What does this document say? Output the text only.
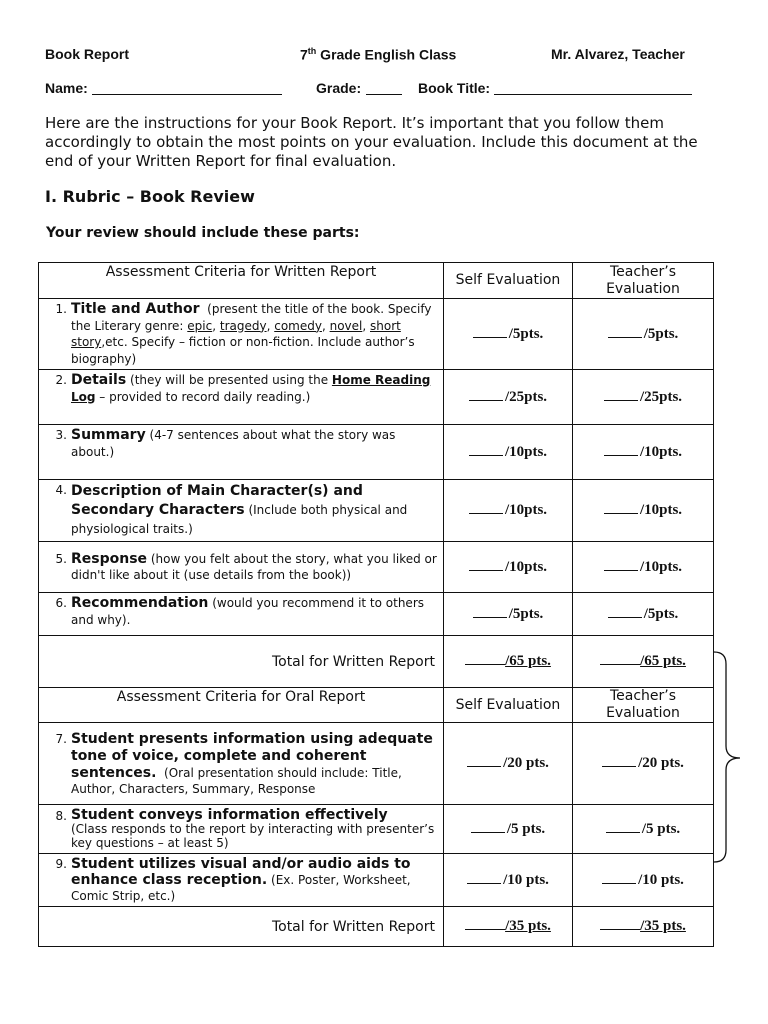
Book Report	7th Grade English Class	Mr. Alvarez, Teacher
Name:	Grade:	Book Title:
Here are the instructions for your Book Report. It’s important that you follow them accordingly to obtain the most points on your evaluation. Include this document at the end of your Written Report for final evaluation.
I. Rubric – Book Review
Your review should include these parts:
Assessment Criteria for Written Report	Self Evaluation	Teacher’s Evaluation

1. Title and Author (present the title of the book. Specify the Literary genre: epic, tragedy, comedy, novel, short story,etc. Specify – fiction or non-fiction. Include author’s biography)	/5pts.	/5pts.

2. Details (they will be presented using the Home Reading Log – provided to record daily reading.)	/25pts.	/25pts.

3. Summary (4-7 sentences about what the story was about.)	/10pts.	/10pts.

4. Description of Main Character(s) and Secondary Characters (Include both physical and physiological traits.)	/10pts.	/10pts.

5. Response (how you felt about the story, what you liked or didn't like about it (use details from the book))	/10pts.	/10pts.

6. Recommendation (would you recommend it to others and why).	/5pts.	/5pts.
Total for Written Report	/65 pts.	/65 pts.
Assessment Criteria for Oral Report	Self Evaluation	Teacher’s Evaluation

7. Student presents information using adequate tone of voice, complete and coherent sentences. (Oral presentation should include: Title, Author, Characters, Summary, Response	/20 pts.	/20 pts.

8. Student conveys information effectively
(Class responds to the report by interacting with presenter’s key questions – at least 5)	/5 pts.	/5 pts.

9. Student utilizes visual and/or audio aids to enhance class reception. (Ex. Poster, Worksheet, Comic Strip, etc.)	/10 pts.	/10 pts.
Total for Written Report	/35 pts.	/35 pts.
